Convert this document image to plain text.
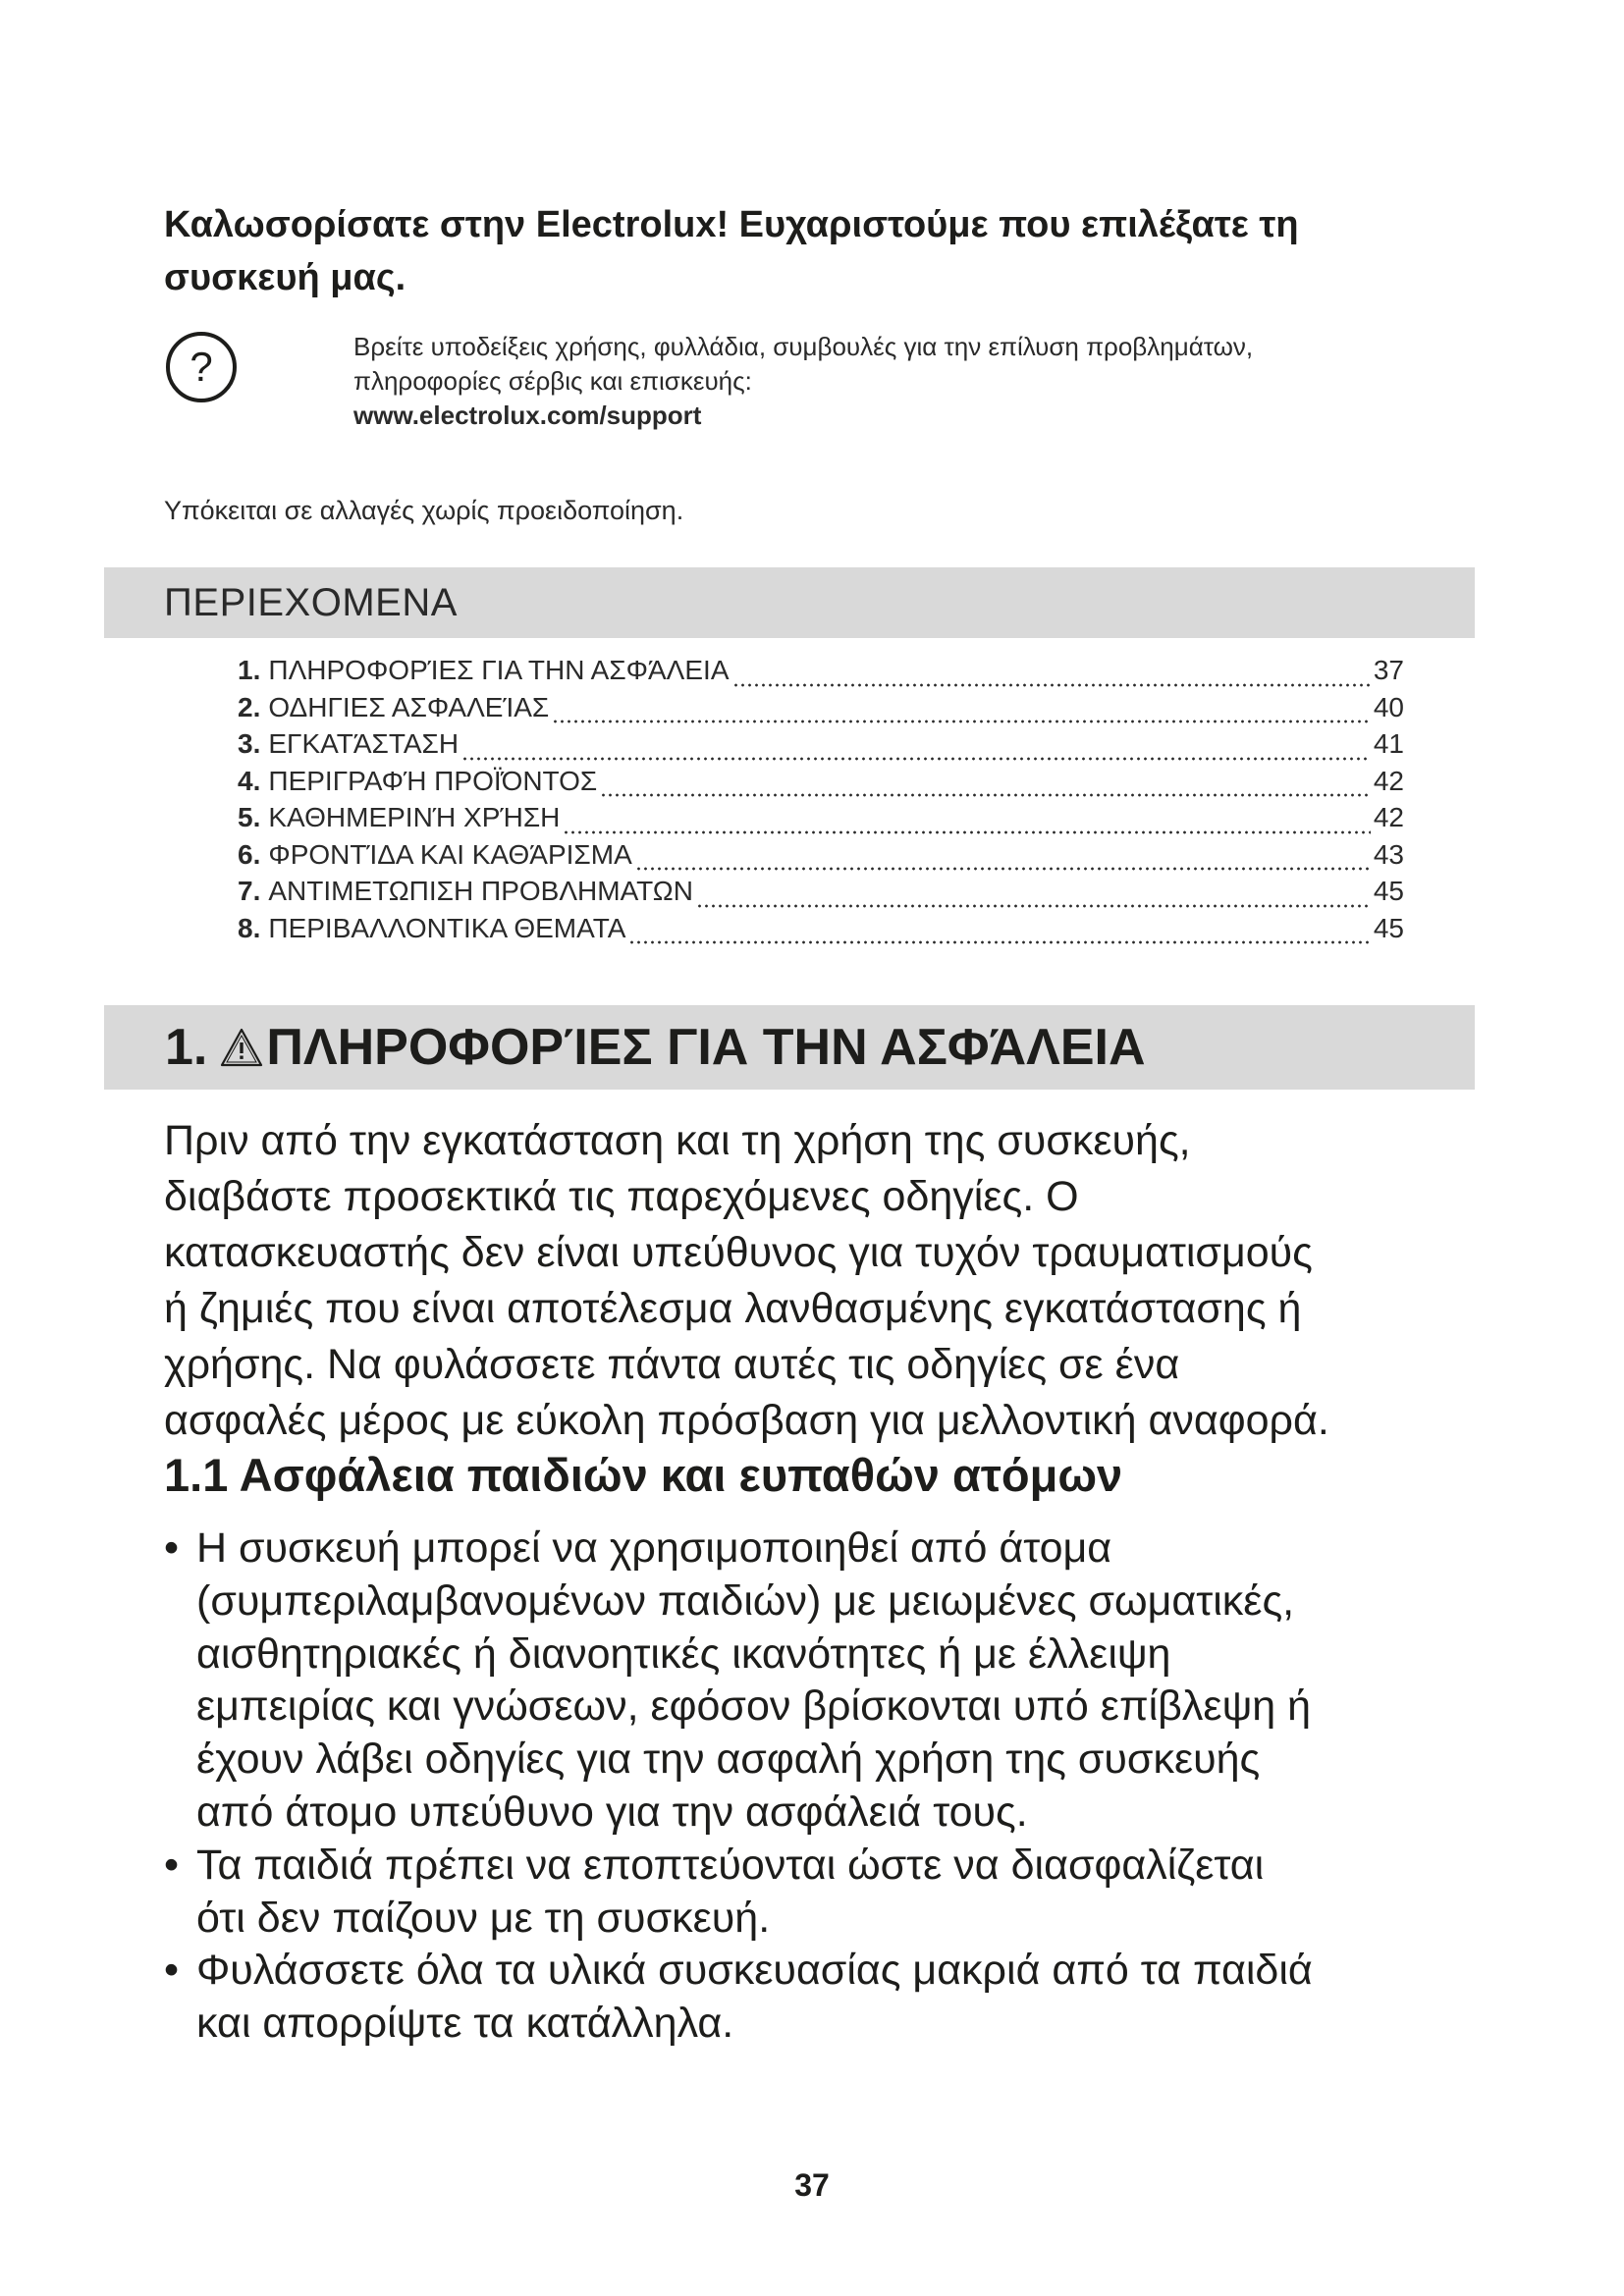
Καλωσορίσατε στην Electrolux! Ευχαριστούμε που επιλέξατε τη συσκευή μας.
?	Βρείτε υποδείξεις χρήσης, φυλλάδια, συμβουλές για την επίλυση προβλημάτων,
πληροφορίες σέρβις και επισκευής:
www.electrolux.com/support
Υπόκειται σε αλλαγές χωρίς προειδοποίηση.
ΠΕΡΙΕΧΟΜΕΝΑ
1. ΠΛΗΡΟΦΟΡΊΕΣ ΓΙΑ ΤΗΝ ΑΣΦΆΛΕΙΑ	37
2. ΟΔΗΓΙΕΣ ΑΣΦΑΛΕΊΑΣ	40
3. ΕΓΚΑΤΆΣΤΑΣΗ	41
4. ΠΕΡΙΓΡΑΦΉ ΠΡΟΪΌΝΤΟΣ	42
5. ΚΑΘΗΜΕΡΙΝΉ ΧΡΉΣΗ	42
6. ΦΡΟΝΤΊΔΑ ΚΑΙ ΚΑΘΆΡΙΣΜΑ	43
7. ΑΝΤΙΜΕΤΩΠΙΣΗ ΠΡΟΒΛΗΜΑΤΩΝ	45
8. ΠΕΡΙΒΑΛΛΟΝΤΙΚΑ ΘΕΜΑΤΑ	45
1. ΠΛΗΡΟΦΟΡΊΕΣ ΓΙΑ ΤΗΝ ΑΣΦΆΛΕΙΑ

Πριν από την εγκατάσταση και τη χρήση της συσκευής,
διαβάστε προσεκτικά τις παρεχόμενες οδηγίες. Ο
κατασκευαστής δεν είναι υπεύθυνος για τυχόν τραυματισμούς
ή ζημιές που είναι αποτέλεσμα λανθασμένης εγκατάστασης ή
χρήσης. Να φυλάσσετε πάντα αυτές τις οδηγίες σε ένα
ασφαλές μέρος με εύκολη πρόσβαση για μελλοντική αναφορά.

1.1 Ασφάλεια παιδιών και ευπαθών ατόμων
• Η συσκευή μπορεί να χρησιμοποιηθεί από άτομα
(συμπεριλαμβανομένων παιδιών) με μειωμένες σωματικές,
αισθητηριακές ή διανοητικές ικανότητες ή με έλλειψη
εμπειρίας και γνώσεων, εφόσον βρίσκονται υπό επίβλεψη ή
έχουν λάβει οδηγίες για την ασφαλή χρήση της συσκευής
από άτομο υπεύθυνο για την ασφάλειά τους.
• Τα παιδιά πρέπει να εποπτεύονται ώστε να διασφαλίζεται
ότι δεν παίζουν με τη συσκευή.
• Φυλάσσετε όλα τα υλικά συσκευασίας μακριά από τα παιδιά
και απορρίψτε τα κατάλληλα.
37
